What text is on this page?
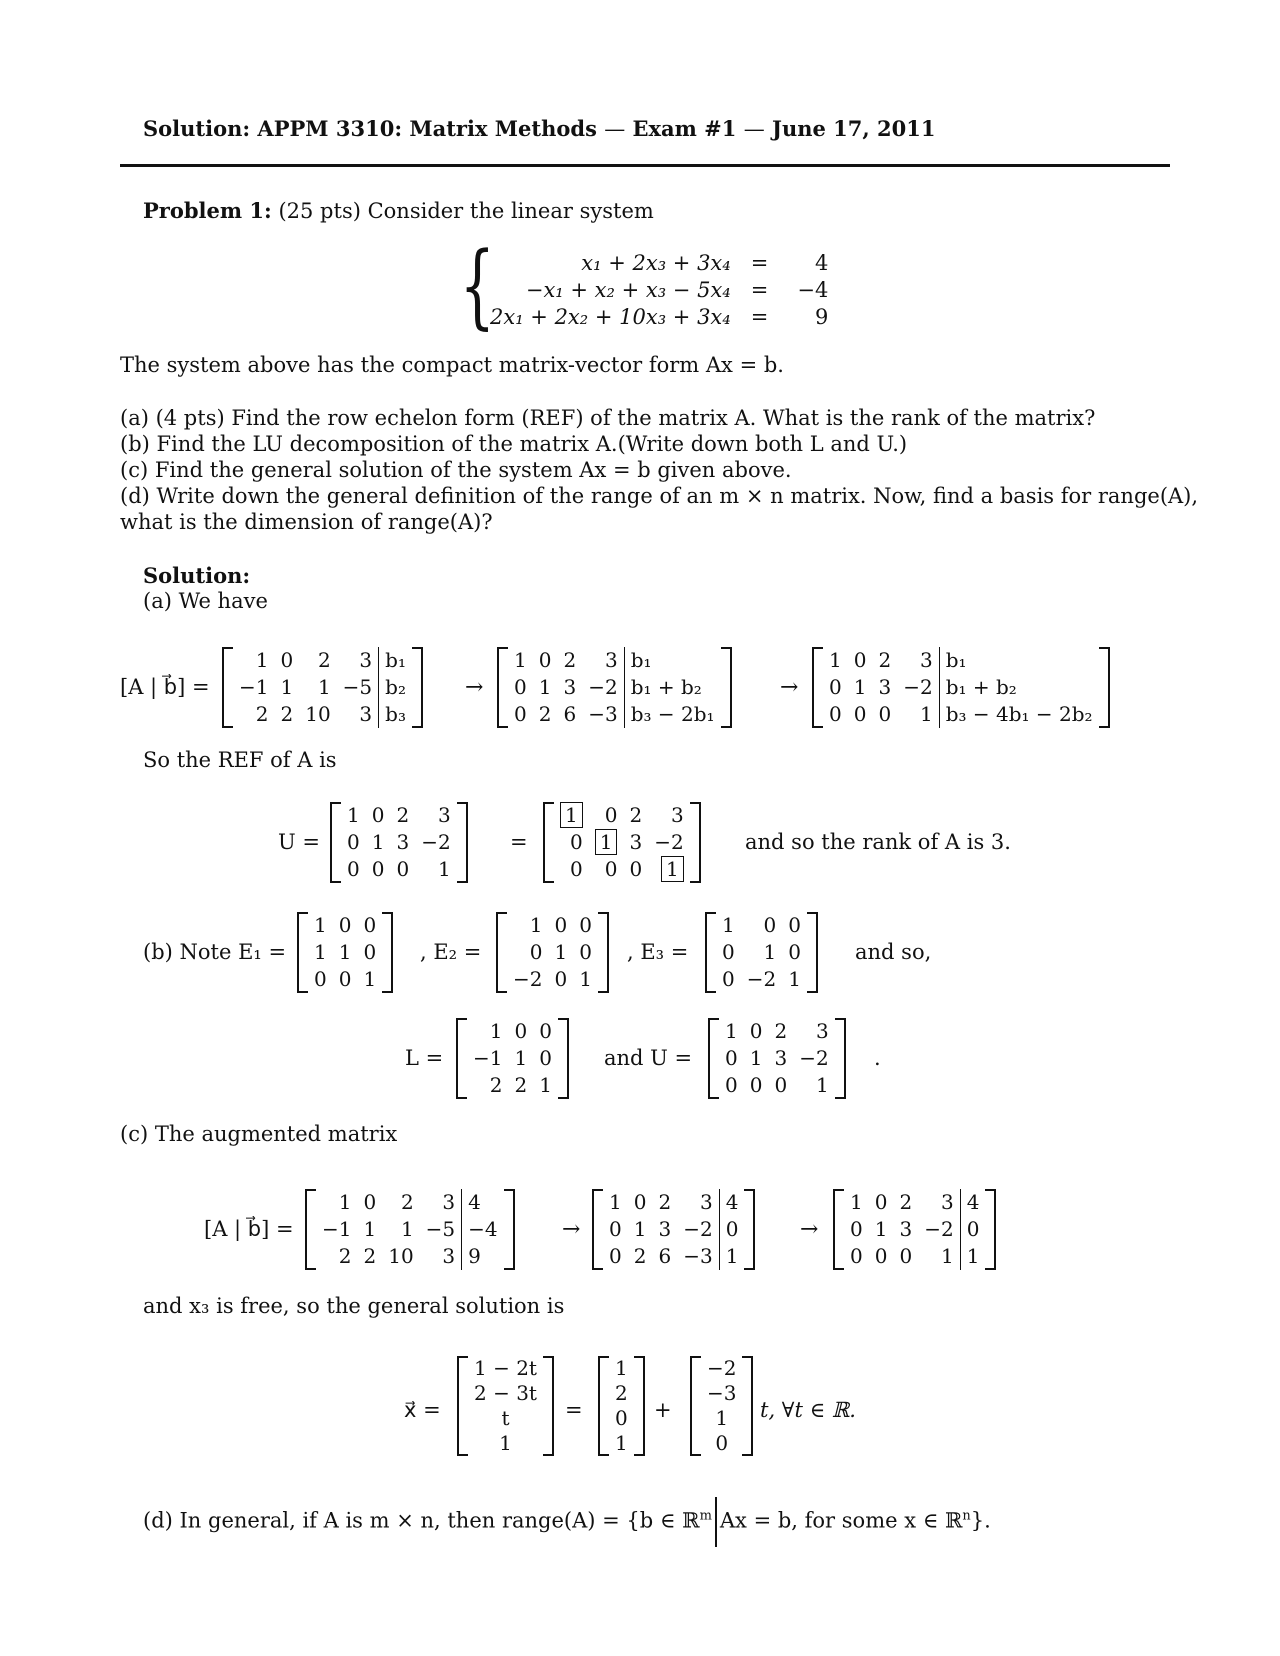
Solution: APPM 3310: Matrix Methods — Exam #1 — June 17, 2011
Problem 1: (25 pts) Consider the linear system
{	x₁ + 2x₃ + 3x₄	=	4
−x₁ + x₂ + x₃ − 5x₄	=	−4
2x₁ + 2x₂ + 10x₃ + 3x₄	=	9
The system above has the compact matrix-vector form Ax = b.
(a) (4 pts) Find the row echelon form (REF) of the matrix A. What is the rank of the matrix?
(b) Find the LU decomposition of the matrix A.(Write down both L and U.)
(c) Find the general solution of the system Ax = b given above.
(d) Write down the general definition of the range of an m × n matrix. Now, find a basis for range(A),
what is the dimension of range(A)?
Solution:
(a) We have
[A | b⃗] =
1	0	2	3	b₁
−1	1	1	−5	b₂
2	2	10	3	b₃
→
1	0	2	3	b₁
0	1	3	−2	b₁ + b₂
0	2	6	−3	b₃ − 2b₁
→
1	0	2	3	b₁
0	1	3	−2	b₁ + b₂
0	0	0	1	b₃ − 4b₁ − 2b₂
So the REF of A is
U =
1	0	2	3
0	1	3	−2
0	0	0	1
=
1	0	2	3
0	1	3	−2
0	0	0	1
and so the rank of A is 3.
(b) Note E₁ =
1	0	0
1	1	0
0	0	1
, E₂ =
1	0	0
0	1	0
−2	0	1
, E₃ =
1	0	0
0	1	0
0	−2	1
and so,
L =
1	0	0
−1	1	0
2	2	1
and U =
1	0	2	3
0	1	3	−2
0	0	0	1
.
(c) The augmented matrix
[A | b⃗] =
1	0	2	3	4
−1	1	1	−5	−4
2	2	10	3	9
→
1	0	2	3	4
0	1	3	−2	0
0	2	6	−3	1
→
1	0	2	3	4
0	1	3	−2	0
0	0	0	1	1
and x₃ is free, so the general solution is
x⃗ =
1 − 2t
2 − 3t
t
1
=
1
2
0
1
+
−2
−3
1
0
t, ∀t ∈ ℝ.
(d) In general, if A is m × n, then range(A) = {b ∈ ℝ$^m$ Ax = b, for some x ∈ ℝ$^n$}.
